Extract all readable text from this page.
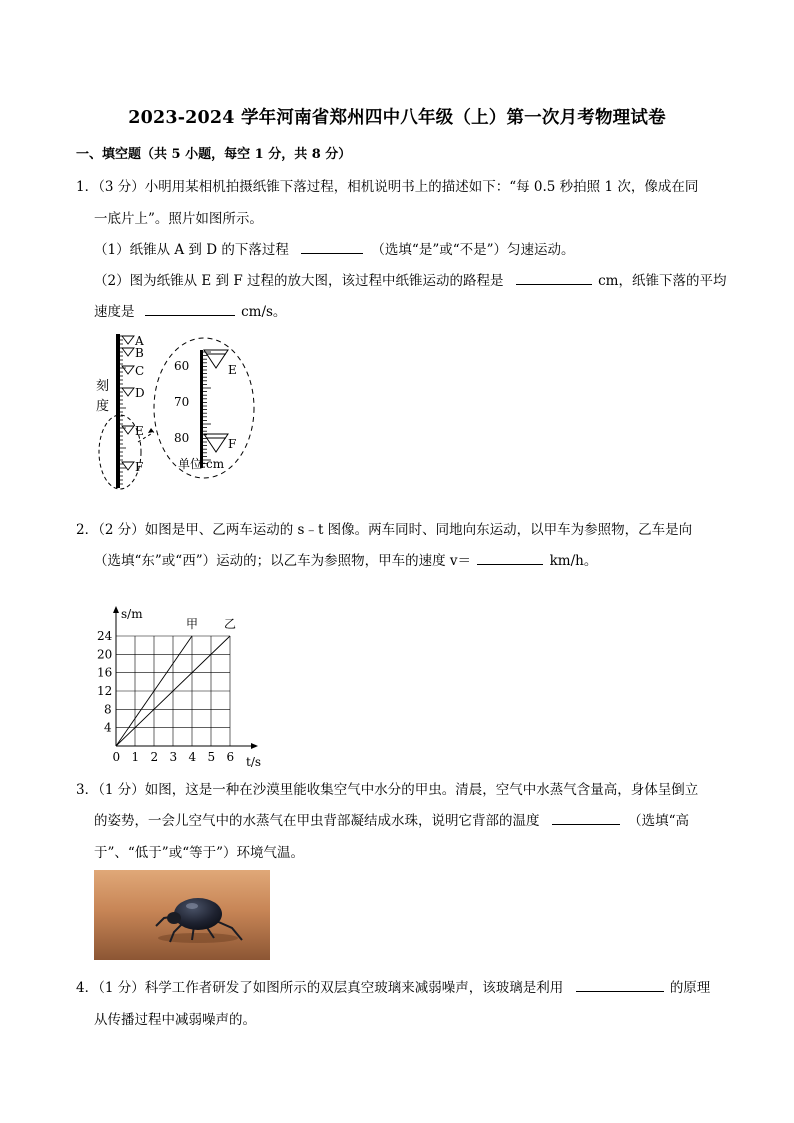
2023-2024 学年河南省郑州四中八年级（上）第一次月考物理试卷
一、填空题（共 5 小题，每空 1 分，共 8 分）
1．（3 分）小明用某相机拍摄纸锥下落过程，相机说明书上的描述如下：“每 0.5 秒拍照 1 次，像成在同
一底片上”。照片如图所示。
（1）纸锥从 A 到 D 的下落过程	（选填“是”或“不是”）匀速运动。
（2）图为纸锥从 E 到 F 过程的放大图，该过程中纸锥运动的路程是	cm，纸锥下落的平均
速度是	cm/s。
刻
度
A
B
C
D
E
F
E
F
60
70
80
单位:cm
2．（2 分）如图是甲、乙两车运动的 s﹣t 图像。两车同时、同地向东运动，以甲车为参照物，乙车是向
（选填“东”或“西”）运动的；以乙车为参照物，甲车的速度 v＝	km/h。
0 1 2 3 4 5 6
4
8
12
16
20
24
s/m
t/s
甲 乙
3．（1 分）如图，这是一种在沙漠里能收集空气中水分的甲虫。清晨，空气中水蒸气含量高，身体呈倒立
的姿势，一会儿空气中的水蒸气在甲虫背部凝结成水珠，说明它背部的温度	（选填“高
于”、“低于”或“等于”）环境气温。
4．（1 分）科学工作者研发了如图所示的双层真空玻璃来减弱噪声，该玻璃是利用	的原理
从传播过程中减弱噪声的。
